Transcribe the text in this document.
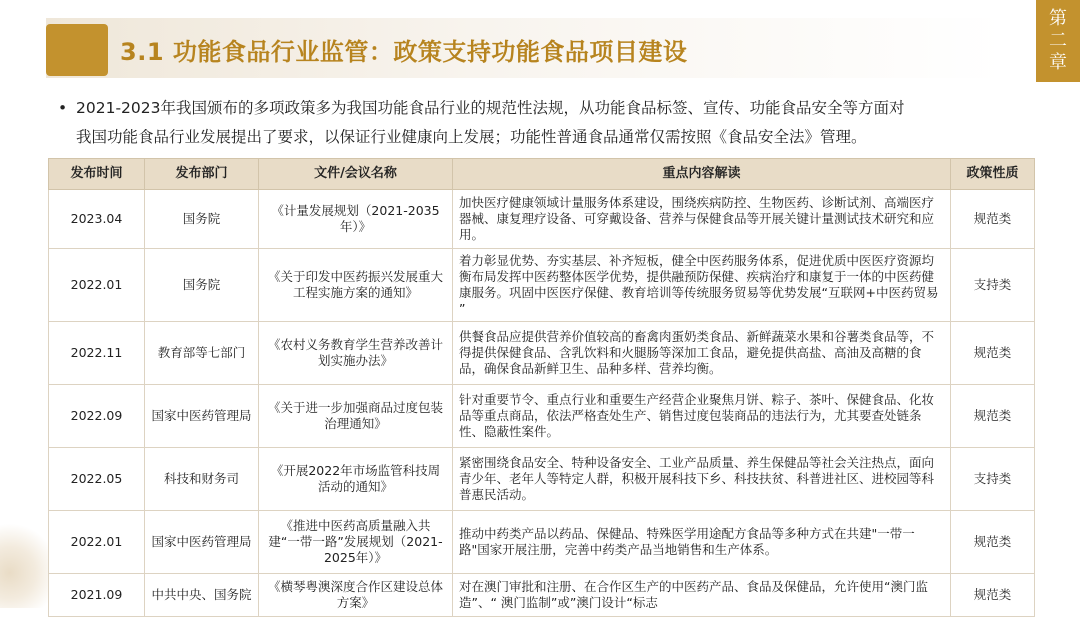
3.1 功能食品行业监管：政策支持功能食品项目建设
第
二
章
• 2021-2023年我国颁布的多项政策多为我国功能食品行业的规范性法规，从功能食品标签、宣传、功能食品安全等方面对
我国功能食品行业发展提出了要求，以保证行业健康向上发展；功能性普通食品通常仅需按照《食品安全法》管理。

发布时间	发布部门	文件/会议名称	重点内容解读	政策性质
2023.04	国务院	《计量发展规划（2021-2035年）》	加快医疗健康领域计量服务体系建设，围绕疾病防控、生物医药、诊断试剂、高端医疗器械、康复理疗设备、可穿戴设备、营养与保健食品等开展关键计量测试技术研究和应用。	规范类
2022.01	国务院	《关于印发中医药振兴发展重大工程实施方案的通知》	着力彰显优势、夯实基层、补齐短板，健全中医药服务体系，促进优质中医医疗资源均衡布局发挥中医药整体医学优势，提供融预防保健、疾病治疗和康复于一体的中医药健康服务。巩固中医医疗保健、教育培训等传统服务贸易等优势发展“互联网+中医药贸易 ”	支持类
2022.11	教育部等七部门	《农村义务教育学生营养改善计划实施办法》	供餐食品应提供营养价值较高的畜禽肉蛋奶类食品、新鲜蔬菜水果和谷薯类食品等，不得提供保健食品、含乳饮料和火腿肠等深加工食品，避免提供高盐、高油及高糖的食品，确保食品新鲜卫生、品种多样、营养均衡。	规范类
2022.09	国家中医药管理局	《关于进一步加强商品过度包装治理通知》	针对重要节令、重点行业和重要生产经营企业聚焦月饼、粽子、茶叶、保健食品、化妆品等重点商品，依法严格查处生产、销售过度包装商品的违法行为，尤其要查处链条性、隐蔽性案件。	规范类
2022.05	科技和财务司	《开展2022年市场监管科技周活动的通知》	紧密围绕食品安全、特种设备安全、工业产品质量、养生保健品等社会关注热点，面向青少年、老年人等特定人群，积极开展科技下乡、科技扶贫、科普进社区、进校园等科普惠民活动。	支持类
2022.01	国家中医药管理局	《推进中医药高质量融入共建“一带一路”发展规划（2021-2025年）》	推动中药类产品以药品、保健品、特殊医学用途配方食品等多种方式在共建"一带一路"国家开展注册，完善中药类产品当地销售和生产体系。	规范类
2021.09	中共中央、国务院	《横琴粤澳深度合作区建设总体方案》	对在澳门审批和注册、在合作区生产的中医药产品、食品及保健品，允许使用“澳门监造”、“ 澳门监制”或”澳门设计“标志	规范类
